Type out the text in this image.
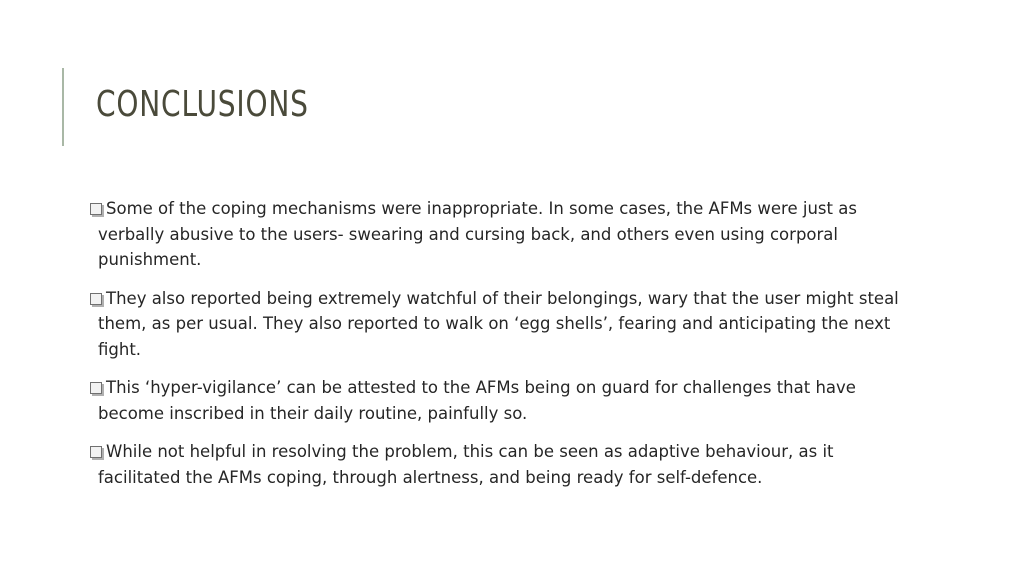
CONCLUSIONS
Some of the coping mechanisms were inappropriate. In some cases, the AFMs were just as verbally abusive to the users- swearing and cursing back, and others even using corporal punishment.
They also reported being extremely watchful of their belongings, wary that the user might steal them, as per usual. They also reported to walk on ‘egg shells’, fearing and anticipating the next fight.
This ‘hyper-vigilance’ can be attested to the AFMs being on guard for challenges that have become inscribed in their daily routine, painfully so.
While not helpful in resolving the problem, this can be seen as adaptive behaviour, as it facilitated the AFMs coping, through alertness, and being ready for self-defence.
